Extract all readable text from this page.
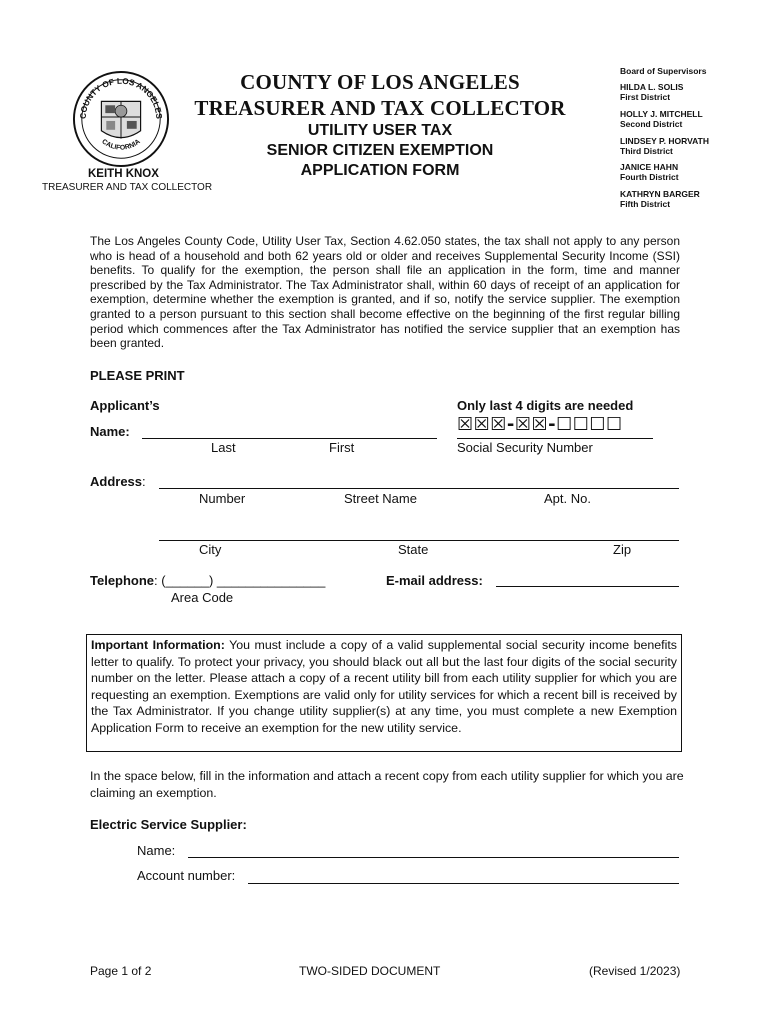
COUNTY OF LOS ANGELES
CALIFORNIA
COUNTY OF LOS ANGELES
TREASURER AND TAX COLLECTOR
UTILITY USER TAX
SENIOR CITIZEN EXEMPTION
APPLICATION FORM
KEITH KNOX
TREASURER AND TAX COLLECTOR
Board of Supervisors
HILDA L. SOLIS
First District
HOLLY J. MITCHELL
Second District
LINDSEY P. HORVATH
Third District
JANICE HAHN
Fourth District
KATHRYN BARGER
Fifth District
The Los Angeles County Code, Utility User Tax, Section 4.62.050 states, the tax shall not apply to any person who is head of a household and both 62 years old or older and receives Supplemental Security Income (SSI) benefits. To qualify for the exemption, the person shall file an application in the form, time and manner prescribed by the Tax Administrator. The Tax Administrator shall, within 60 days of receipt of an application for exemption, determine whether the exemption is granted, and if so, notify the service supplier. The exemption granted to a person pursuant to this section shall become effective on the beginning of the first regular billing period which commences after the Tax Administrator has notified the service supplier that an exemption has been granted.
PLEASE PRINT
Applicant’s
Name:
Last	First
Only last 4 digits are needed
☒☒☒-☒☒-☐☐☐☐
Social Security Number
Address:
Number	Street Name	Apt. No.
City	State	Zip
Telephone: (______) _______________
Area Code
E-mail address:
Important Information: You must include a copy of a valid supplemental social security income benefits letter to qualify. To protect your privacy, you should black out all but the last four digits of the social security number on the letter. Please attach a copy of a recent utility bill from each utility supplier for which you are requesting an exemption. Exemptions are valid only for utility services for which a recent bill is received by the Tax Administrator. If you change utility supplier(s) at any time, you must complete a new Exemption Application Form to receive an exemption for the new utility service.
In the space below, fill in the information and attach a recent copy from each utility supplier for which you are claiming an exemption.
Electric Service Supplier:
Name:
Account number:
Page 1 of 2	TWO-SIDED DOCUMENT	(Revised 1/2023)
